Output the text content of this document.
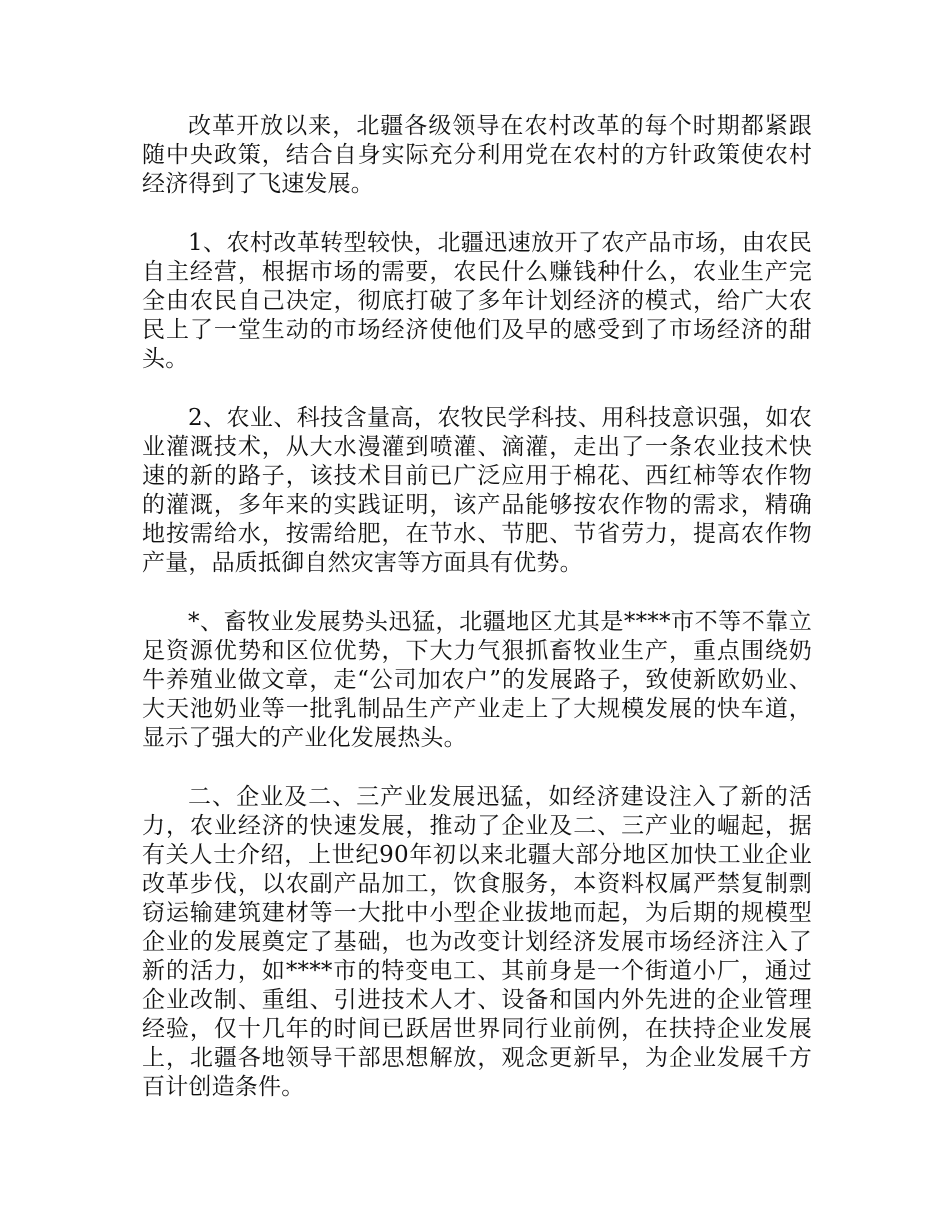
改革开放以来，北疆各级领导在农村改革的每个时期都紧跟随中央政策，结合自身实际充分利用党在农村的方针政策使农村经济得到了飞速发展。

1、农村改革转型较快，北疆迅速放开了农产品市场，由农民自主经营，根据市场的需要，农民什么赚钱种什么，农业生产完全由农民自己决定，彻底打破了多年计划经济的模式，给广大农民上了一堂生动的市场经济使他们及早的感受到了市场经济的甜头。

2、农业、科技含量高，农牧民学科技、用科技意识强，如农业灌溉技术，从大水漫灌到喷灌、滴灌，走出了一条农业技术快速的新的路子，该技术目前已广泛应用于棉花、西红柿等农作物的灌溉，多年来的实践证明，该产品能够按农作物的需求，精确地按需给水，按需给肥，在节水、节肥、节省劳力，提高农作物产量，品质抵御自然灾害等方面具有优势。

*、畜牧业发展势头迅猛，北疆地区尤其是****市不等不靠立足资源优势和区位优势，下大力气狠抓畜牧业生产，重点围绕奶牛养殖业做文章，走“公司加农户”的发展路子，致使新欧奶业、大天池奶业等一批乳制品生产产业走上了大规模发展的快车道，显示了强大的产业化发展热头。

二、企业及二、三产业发展迅猛，如经济建设注入了新的活力，农业经济的快速发展，推动了企业及二、三产业的崛起，据有关人士介绍，上世纪90年初以来北疆大部分地区加快工业企业改革步伐，以农副产品加工，饮食服务，本资料权属严禁复制剽窃运输建筑建材等一大批中小型企业拔地而起，为后期的规模型企业的发展奠定了基础，也为改变计划经济发展市场经济注入了新的活力，如****市的特变电工、其前身是一个街道小厂，通过企业改制、重组、引进技术人才、设备和国内外先进的企业管理经验，仅十几年的时间已跃居世界同行业前例，在扶持企业发展上，北疆各地领导干部思想解放，观念更新早，为企业发展千方百计创造条件。
